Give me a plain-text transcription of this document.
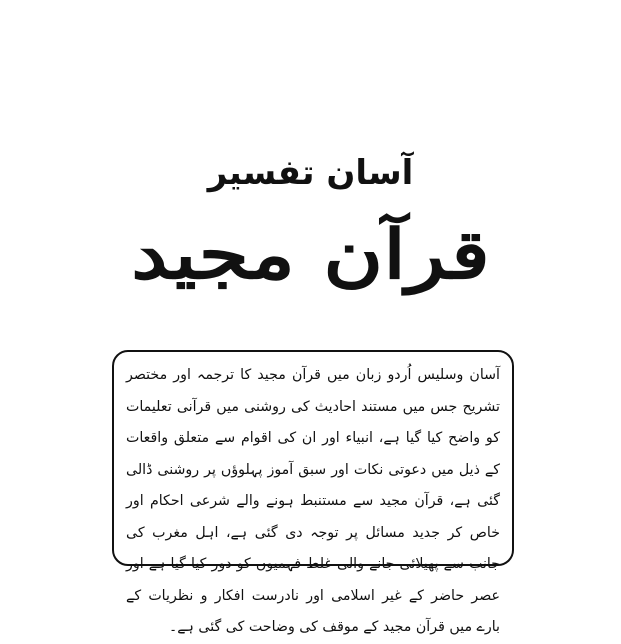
آسان تفسیر
قرآن مجید

آسان وسلیس اُردو زبان میں قرآن مجید کا ترجمہ اور مختصر تشریح جس میں مستند احادیث کی روشنی میں قرآنی تعلیمات کو واضح کیا گیا ہے، انبیاء اور ان کی اقوام سے متعلق واقعات کے ذیل میں دعوتی نکات اور سبق آموز پہلوؤں پر روشنی ڈالی گئی ہے، قرآن مجید سے مستنبط ہونے والے شرعی احکام اور خاص کر جدید مسائل پر توجہ دی گئی ہے، اہل مغرب کی جانب سے پھیلائی جانے والی غلط فہمیوں کو دور کیا گیا ہے اور عصر حاضر کے غیر اسلامی اور نادرست افکار و نظریات کے بارے میں قرآن مجید کے موقف کی وضاحت کی گئی ہے۔
